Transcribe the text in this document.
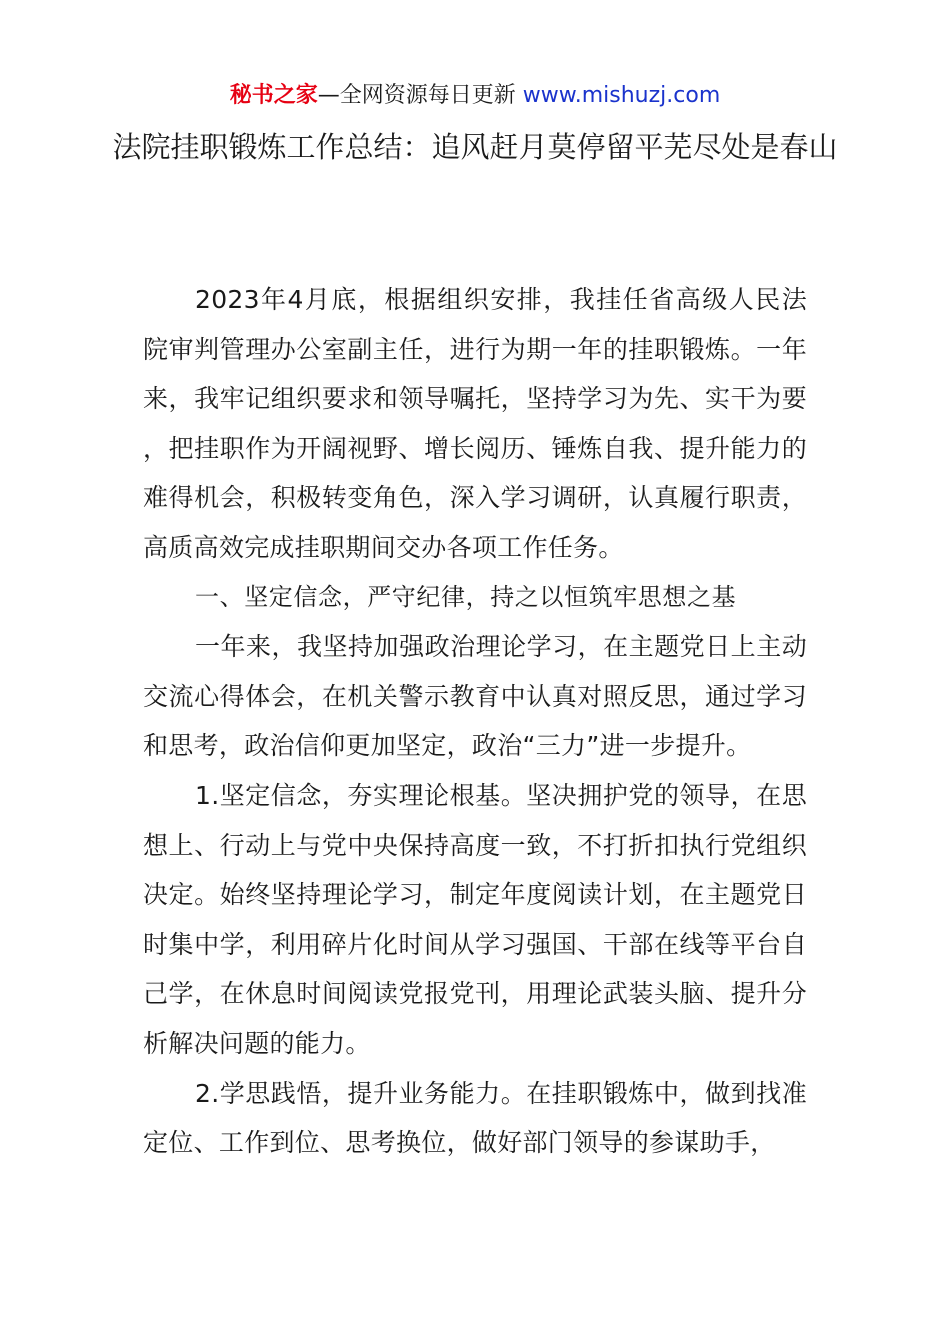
秘书之家—全网资源每日更新 www.mishuzj.com
法院挂职锻炼工作总结：追风赶月莫停留平芜尽处是春山

2023年4月底，根据组织安排，我挂任省高级人民法院审判管理办公室副主任，进行为期一年的挂职锻炼。一年来，我牢记组织要求和领导嘱托，坚持学习为先、实干为要，把挂职作为开阔视野、增长阅历、锤炼自我、提升能力的难得机会，积极转变角色，深入学习调研，认真履行职责，高质高效完成挂职期间交办各项工作任务。

一、坚定信念，严守纪律，持之以恒筑牢思想之基

一年来，我坚持加强政治理论学习，在主题党日上主动交流心得体会，在机关警示教育中认真对照反思，通过学习和思考，政治信仰更加坚定，政治“三力”进一步提升。

1.坚定信念，夯实理论根基。坚决拥护党的领导，在思想上、行动上与党中央保持高度一致，不打折扣执行党组织决定。始终坚持理论学习，制定年度阅读计划，在主题党日时集中学，利用碎片化时间从学习强国、干部在线等平台自己学，在休息时间阅读党报党刊，用理论武装头脑、提升分析解决问题的能力。

2.学思践悟，提升业务能力。在挂职锻炼中，做到找准定位、工作到位、思考换位，做好部门领导的参谋助手，
